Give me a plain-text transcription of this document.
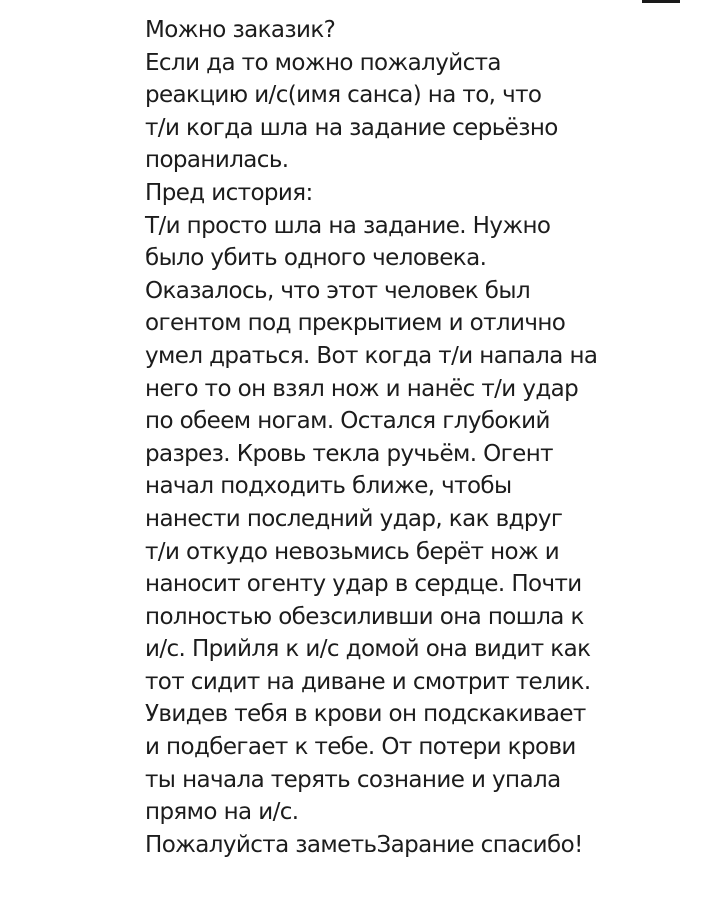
Можно заказик?
Если да то можно пожалуйста
реакцию и/с(имя санса) на то, что
т/и когда шла на задание серьёзно
поранилась.
Пред история:
Т/и просто шла на задание. Нужно
было убить одного человека.
Оказалось, что этот человек был
огентом под прекрытием и отлично
умел драться. Вот когда т/и напала на
него то он взял нож и нанёс т/и удар
по обеем ногам. Остался глубокий
разрез. Кровь текла ручьём. Огент
начал подходить ближе, чтобы
нанести последний удар, как вдруг
т/и откудо невозьмись берёт нож и
наносит огенту удар в сердце. Почти
полностью обезсиливши она пошла к
и/с. Прийля к и/с домой она видит как
тот сидит на диване и смотрит телик.
Увидев тебя в крови он подскакивает
и подбегает к тебе. От потери крови
ты начала терять сознание и упала
прямо на и/с.
Пожалуйста заметьЗарание спасибо!
